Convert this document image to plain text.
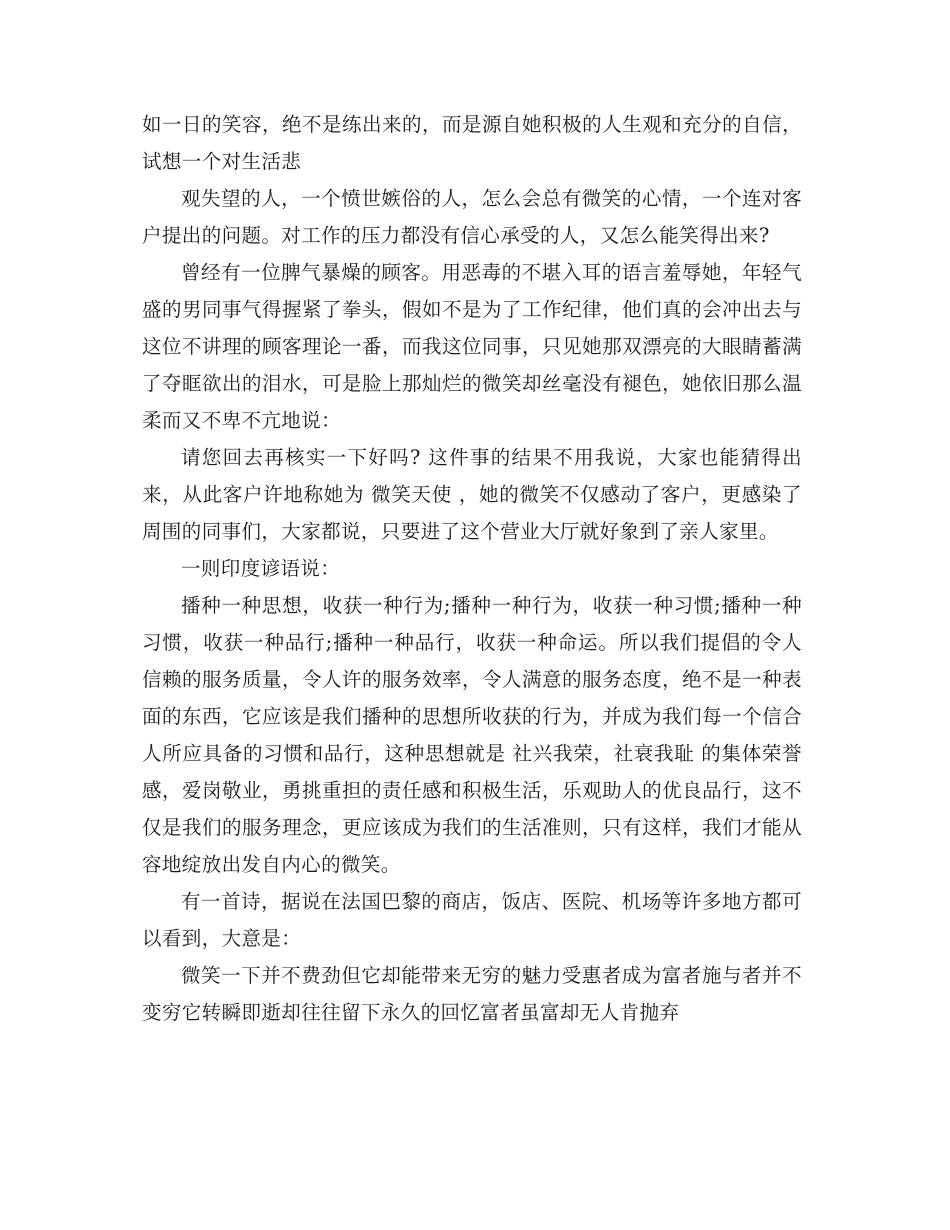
如一日的笑容，绝不是练出来的，而是源自她积极的人生观和充分的自信，试想一个对生活悲

观失望的人，一个愤世嫉俗的人，怎么会总有微笑的心情，一个连对客户提出的问题。对工作的压力都没有信心承受的人，又怎么能笑得出来?

曾经有一位脾气暴燥的顾客。用恶毒的不堪入耳的语言羞辱她，年轻气盛的男同事气得握紧了拳头，假如不是为了工作纪律，他们真的会冲出去与这位不讲理的顾客理论一番，而我这位同事，只见她那双漂亮的大眼睛蓄满了夺眶欲出的泪水，可是脸上那灿烂的微笑却丝毫没有褪色，她依旧那么温柔而又不卑不亢地说：

请您回去再核实一下好吗? 这件事的结果不用我说，大家也能猜得出来，从此客户许地称她为 微笑天使 ，她的微笑不仅感动了客户，更感染了周围的同事们，大家都说，只要进了这个营业大厅就好象到了亲人家里。

一则印度谚语说：

播种一种思想，收获一种行为;播种一种行为，收获一种习惯;播种一种习惯，收获一种品行;播种一种品行，收获一种命运。所以我们提倡的令人信赖的服务质量，令人许的服务效率，令人满意的服务态度，绝不是一种表面的东西，它应该是我们播种的思想所收获的行为，并成为我们每一个信合人所应具备的习惯和品行，这种思想就是 社兴我荣，社衰我耻 的集体荣誉感，爱岗敬业，勇挑重担的责任感和积极生活，乐观助人的优良品行，这不仅是我们的服务理念，更应该成为我们的生活准则，只有这样，我们才能从容地绽放出发自内心的微笑。

有一首诗，据说在法国巴黎的商店，饭店、医院、机场等许多地方都可以看到，大意是：

微笑一下并不费劲但它却能带来无穷的魅力受惠者成为富者施与者并不变穷它转瞬即逝却往往留下永久的回忆富者虽富却无人肯抛弃
